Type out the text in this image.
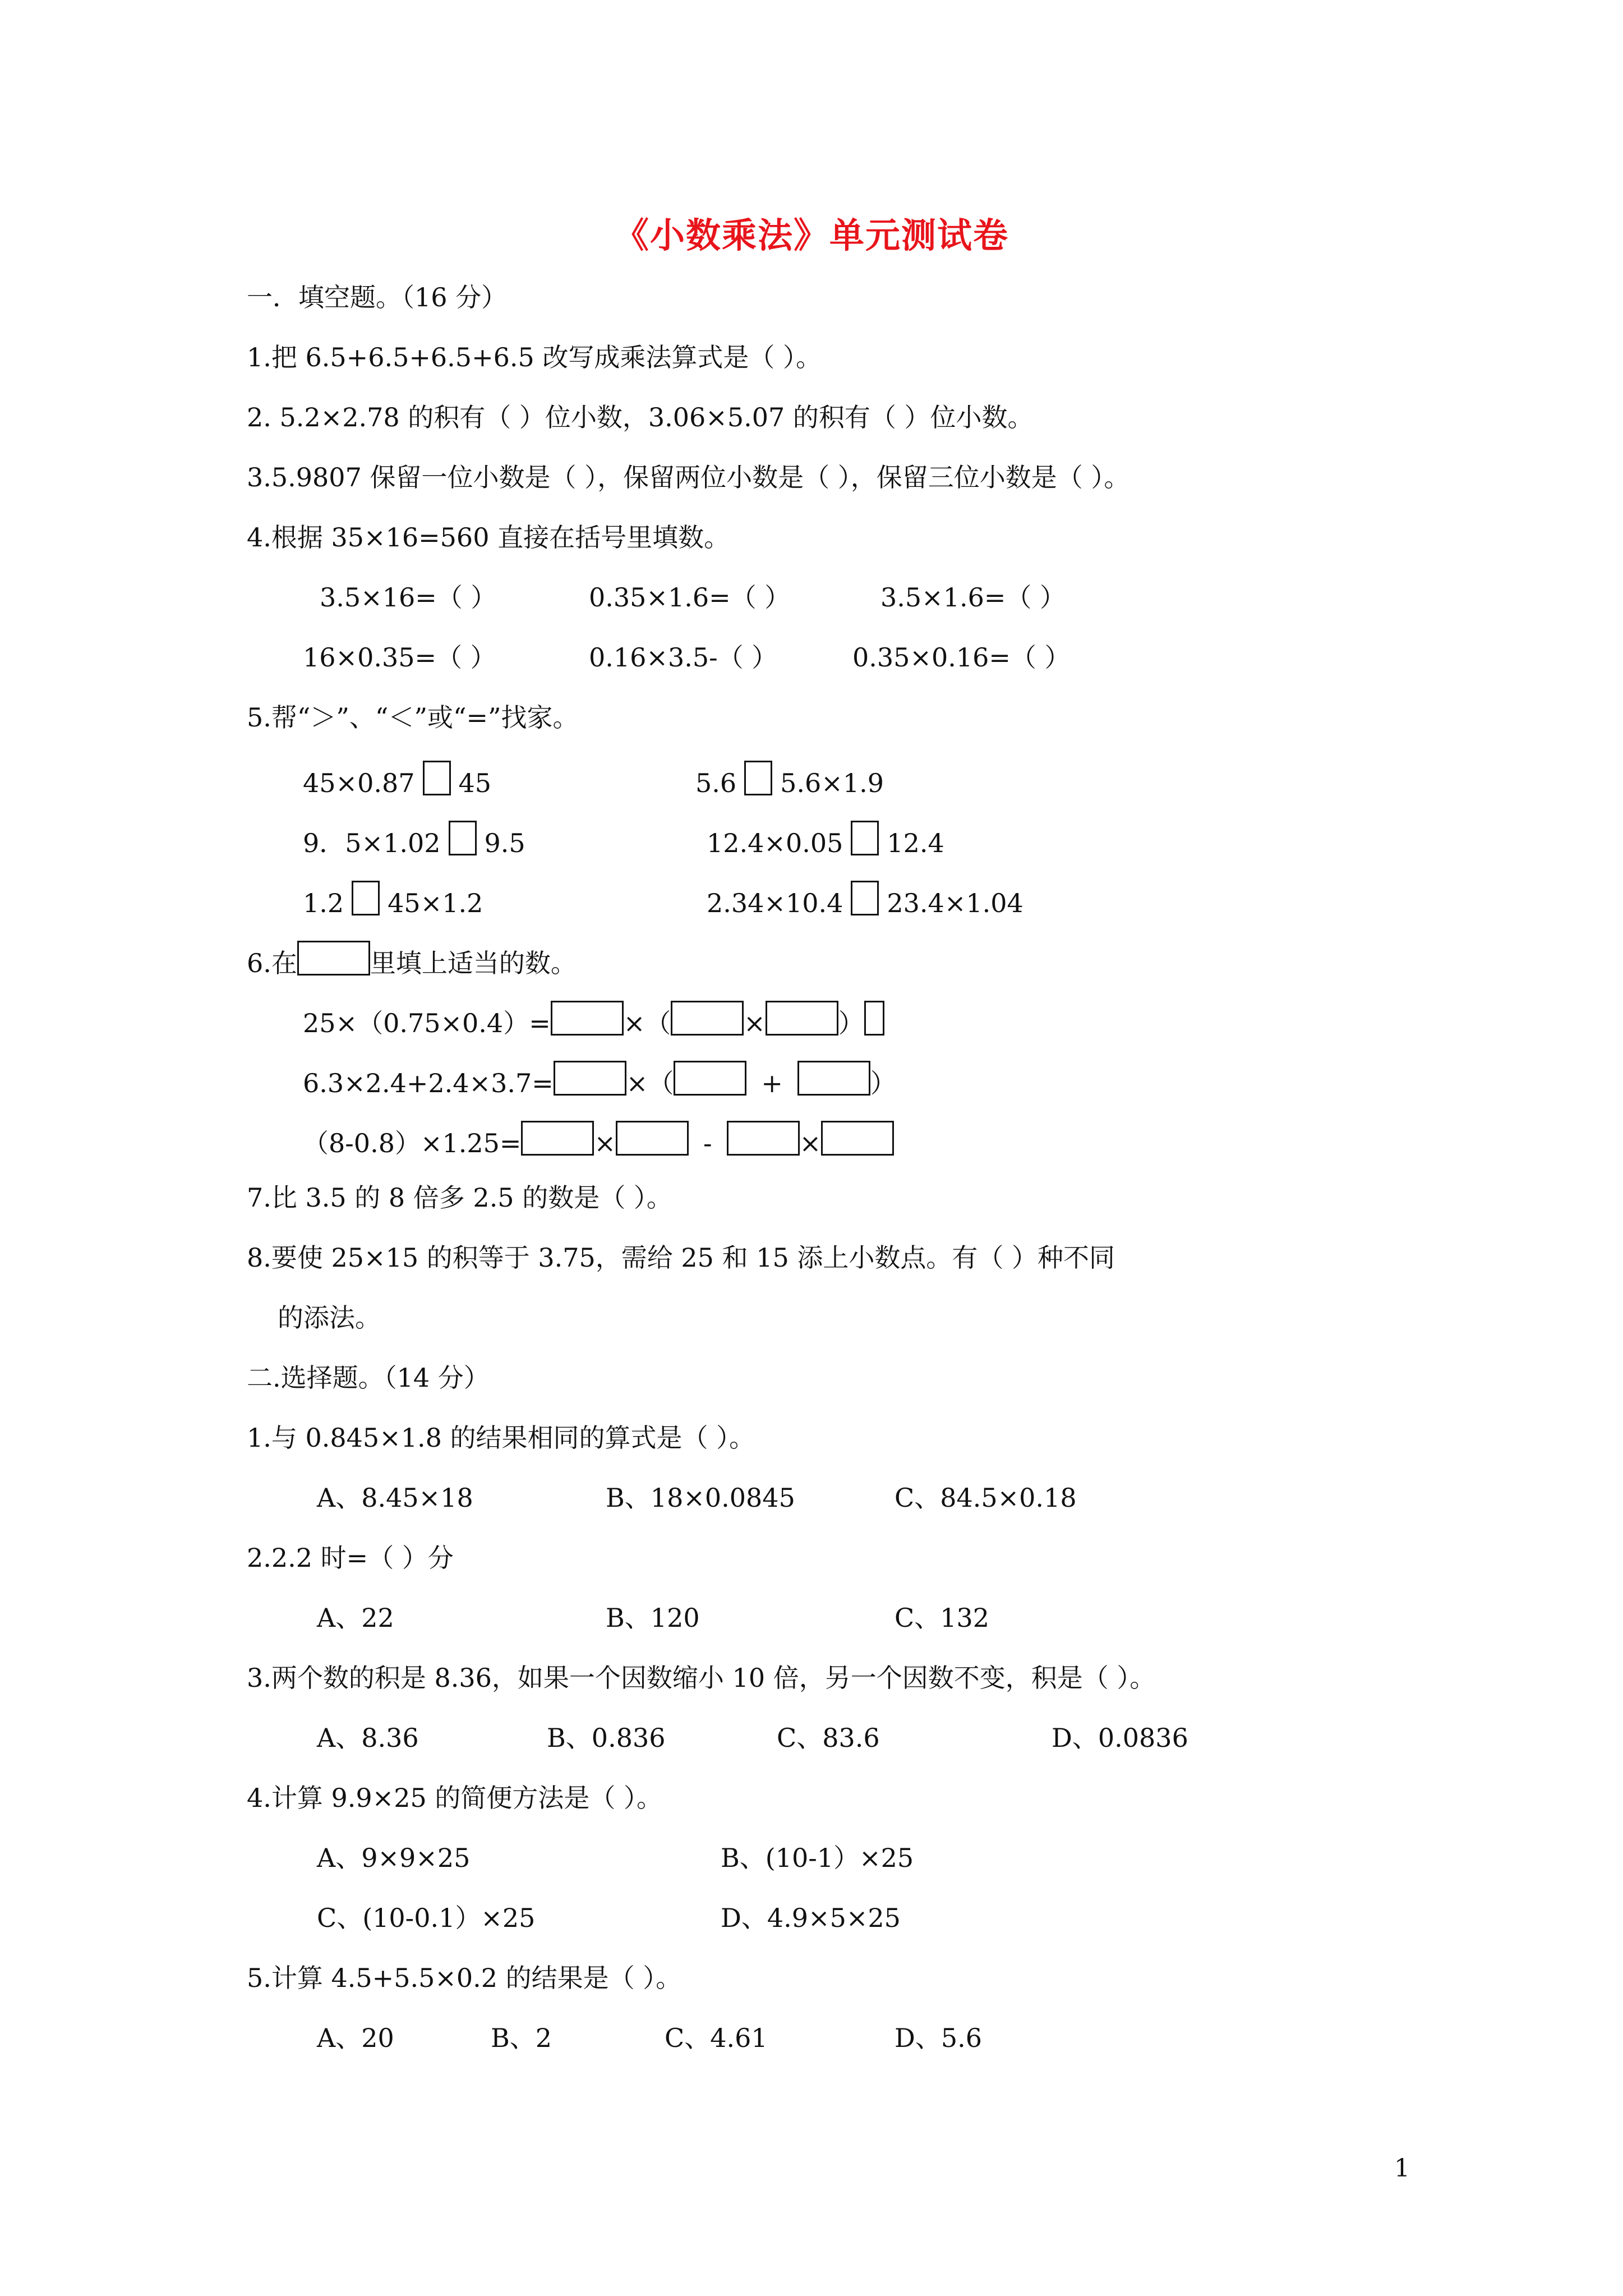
《小数乘法》单元测试卷
一．填空题。（16 分）
1.把 6.5+6.5+6.5+6.5 改写成乘法算式是（ ）。
2. 5.2×2.78 的积有（ ）位小数，3.06×5.07 的积有（ ）位小数。
3.5.9807 保留一位小数是（ ），保留两位小数是（ ），保留三位小数是（ ）。
4.根据 35×16=560 直接在括号里填数。
3.5×16=（ ）	0.35×1.6=（ ）	3.5×1.6=（ ）
16×0.35=（ ）	0.16×3.5-（ ）	0.35×0.16=（ ）
5.帮“＞”、“＜”或“=”找家。
45×0.87 45	5.6 5.6×1.9
9．5×1.02 9.5	12.4×0.05 12.4
1.2 45×1.2	2.34×10.4 23.4×1.04
6.在	里填上适当的数。
25×（0.75×0.4）=	×（	×	）
6.3×2.4+2.4×3.7=	×（	+	）
（8-0.8）×1.25=	×	-	×
7.比 3.5 的 8 倍多 2.5 的数是（ ）。
8.要使 25×15 的积等于 3.75，需给 25 和 15 添上小数点。有（ ）种不同
的添法。
二.选择题。（14 分）
1.与 0.845×1.8 的结果相同的算式是（ ）。
A、8.45×18	B、18×0.0845	C、84.5×0.18
2.2.2 时=（ ）分
A、22	B、120	C、132
3.两个数的积是 8.36，如果一个因数缩小 10 倍，另一个因数不变，积是（ ）。
A、8.36	B、0.836	C、83.6	D、0.0836
4.计算 9.9×25 的简便方法是（ ）。
A、9×9×25	B、(10-1）×25
C、(10-0.1）×25	D、4.9×5×25
5.计算 4.5+5.5×0.2 的结果是（ ）。
A、20	B、2	C、4.61	D、5.6
1
